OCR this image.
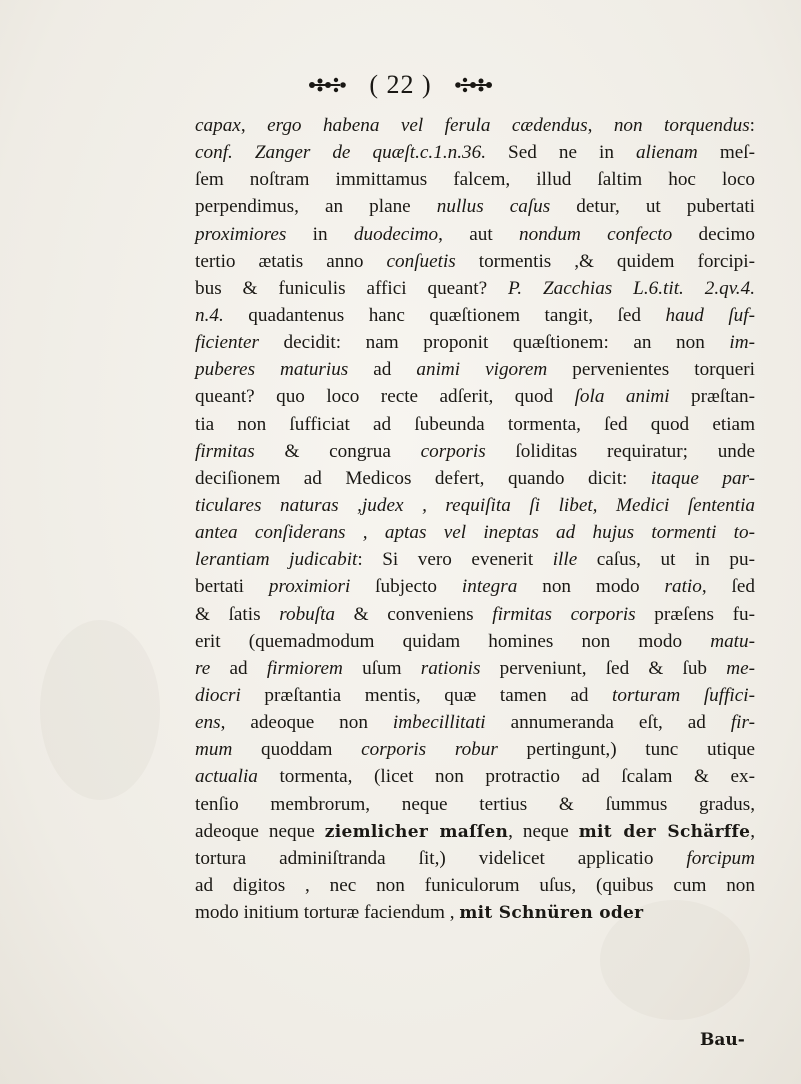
( 22 )
capax, ergo habena vel ferula cædendus, non torquendus:
conf. Zanger de quæſt.c.1.n.36. Sed ne in alienam meſ-
ſem noſtram immittamus falcem, illud ſaltim hoc loco
perpendimus, an plane nullus caſus detur, ut pubertati
proximiores in duodecimo, aut nondum confecto decimo
tertio ætatis anno conſuetis tormentis ,& quidem forcipi-
bus & funiculis affici queant? P. Zacchias L.6.tit. 2.qv.4.
n.4. quadantenus hanc quæſtionem tangit, ſed haud ſuf-
ficienter decidit: nam proponit quæſtionem: an non im-
puberes maturius ad animi vigorem pervenientes torqueri
queant? quo loco recte adſerit, quod ſola animi præſtan-
tia non ſufficiat ad ſubeunda tormenta, ſed quod etiam
firmitas & congrua corporis ſoliditas requiratur; unde
deciſionem ad Medicos defert, quando dicit: itaque par-
ticulares naturas ,judex , requiſita ſi libet, Medici ſententia
antea conſiderans , aptas vel ineptas ad hujus tormenti to-
lerantiam judicabit: Si vero evenerit ille caſus, ut in pu-
bertati proximiori ſubjecto integra non modo ratio, ſed
& ſatis robuſta & conveniens firmitas corporis præſens fu-
erit (quemadmodum quidam homines non modo matu-
re ad firmiorem uſum rationis perveniunt, ſed & ſub me-
diocri præſtantia mentis, quæ tamen ad torturam ſuffici-
ens, adeoque non imbecillitati annumeranda eſt, ad fir-
mum quoddam corporis robur pertingunt,) tunc utique
actualia tormenta, (licet non protractio ad ſcalam & ex-
tenſio membrorum, neque tertius & ſummus gradus,
adeoque neque ziemlicher maſſen, neque mit der Schärffe,
tortura adminiſtranda ſit,) videlicet applicatio forcipum
ad digitos , nec non funiculorum uſus, (quibus cum non
modo initium torturæ faciendum , mit Schnüren oder
Bau-
